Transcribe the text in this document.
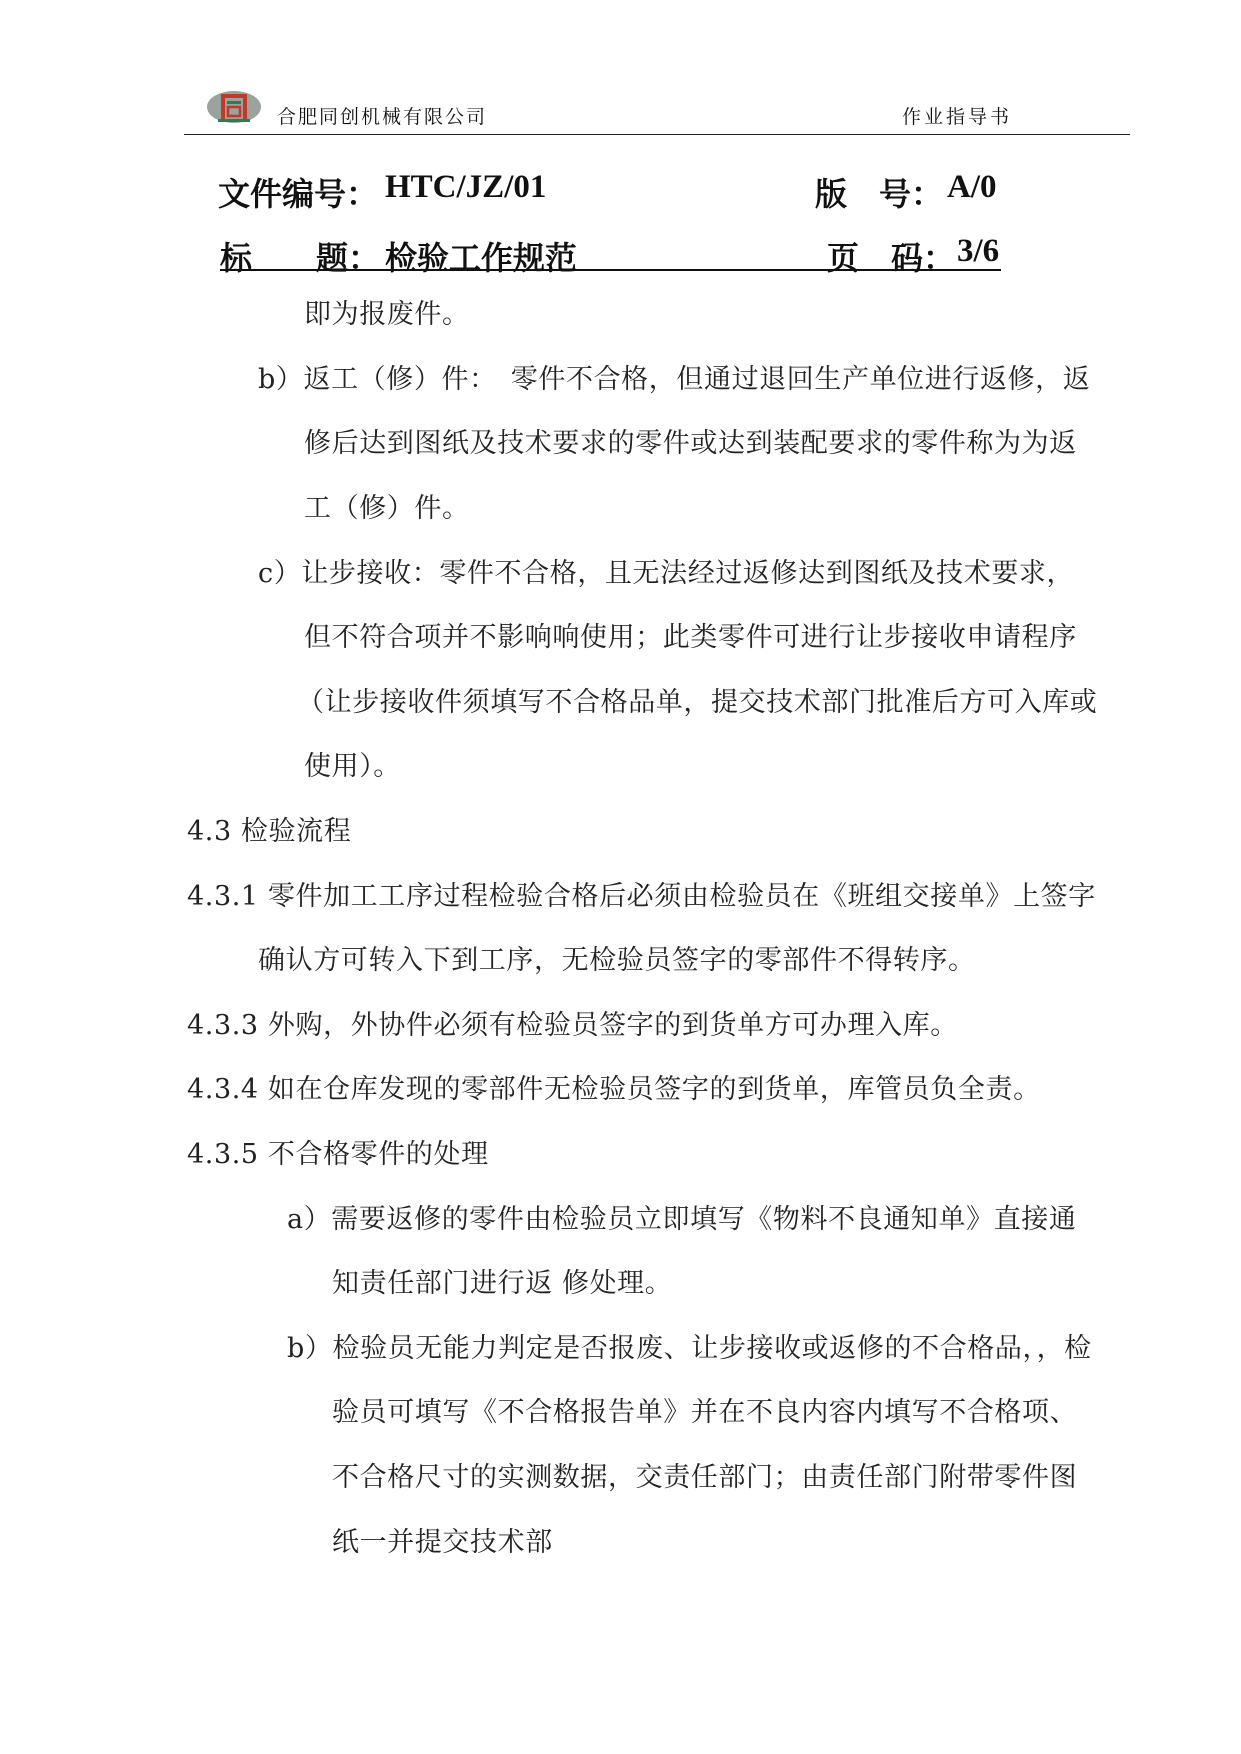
合肥同创机械有限公司	作业指导书
文件编号： HTC/JZ/01	版　号： A/0
标　　题： 检验工作规范	页　码： 3/6
即为报废件。
b）返工（修）件：　零件不合格，但通过退回生产单位进行返修，返
修后达到图纸及技术要求的零件或达到装配要求的零件称为为返
工（修）件。
c）让步接收：零件不合格，且无法经过返修达到图纸及技术要求，
但不符合项并不影响响使用；此类零件可进行让步接收申请程序
（让步接收件须填写不合格品单，提交技术部门批准后方可入库或
使用）。
4.3 检验流程
4.3.1 零件加工工序过程检验合格后必须由检验员在《班组交接单》上签字
确认方可转入下到工序，无检验员签字的零部件不得转序。
4.3.3 外购，外协件必须有检验员签字的到货单方可办理入库。
4.3.4 如在仓库发现的零部件无检验员签字的到货单，库管员负全责。
4.3.5 不合格零件的处理
a）需要返修的零件由检验员立即填写《物料不良通知单》直接通
知责任部门进行返 修处理。
b）检验员无能力判定是否报废、让步接收或返修的不合格品，，检
验员可填写《不合格报告单》并在不良内容内填写不合格项、
不合格尺寸的实测数据，交责任部门；由责任部门附带零件图
纸一并提交技术部
